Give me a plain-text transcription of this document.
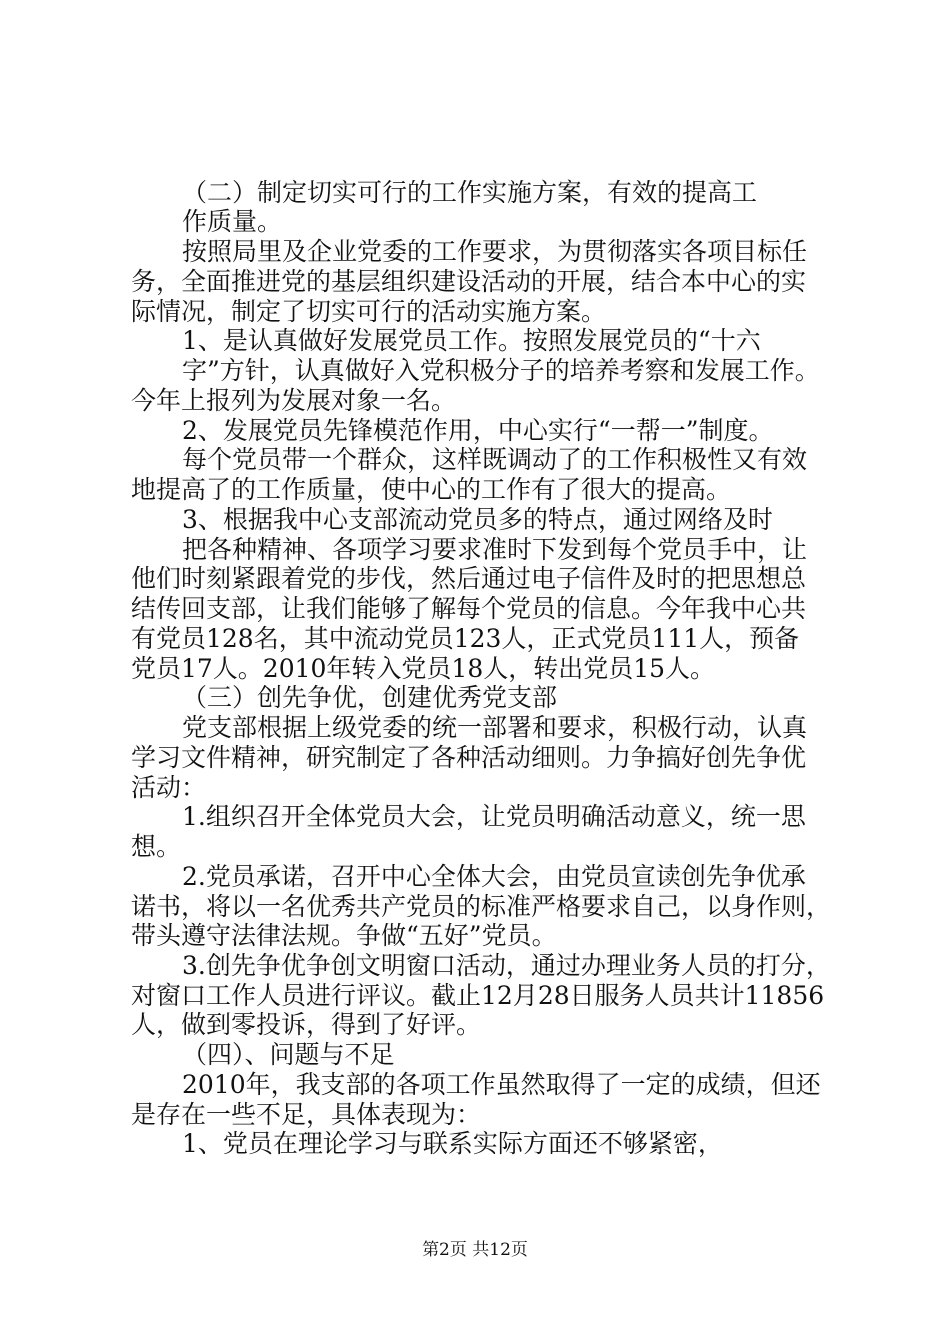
（二）制定切实可行的工作实施方案，有效的提高工
作质量。
按照局里及企业党委的工作要求，为贯彻落实各项目标任
务，全面推进党的基层组织建设活动的开展，结合本中心的实
际情况，制定了切实可行的活动实施方案。
1、是认真做好发展党员工作。按照发展党员的“十六
字”方针，认真做好入党积极分子的培养考察和发展工作。
今年上报列为发展对象一名。
2、发展党员先锋模范作用，中心实行“一帮一”制度。
每个党员带一个群众，这样既调动了的工作积极性又有效
地提高了的工作质量，使中心的工作有了很大的提高。
3、根据我中心支部流动党员多的特点，通过网络及时
把各种精神、各项学习要求准时下发到每个党员手中，让
他们时刻紧跟着党的步伐，然后通过电子信件及时的把思想总
结传回支部，让我们能够了解每个党员的信息。今年我中心共
有党员128名，其中流动党员123人，正式党员111人，预备
党员17人。2010年转入党员18人，转出党员15人。
（三）创先争优，创建优秀党支部
党支部根据上级党委的统一部署和要求，积极行动，认真
学习文件精神，研究制定了各种活动细则。力争搞好创先争优
活动：
1.组织召开全体党员大会，让党员明确活动意义，统一思
想。
2.党员承诺，召开中心全体大会，由党员宣读创先争优承
诺书，将以一名优秀共产党员的标准严格要求自己，以身作则，
带头遵守法律法规。争做“五好”党员。
3.创先争优争创文明窗口活动，通过办理业务人员的打分，
对窗口工作人员进行评议。截止12月28日服务人员共计11856
人，做到零投诉，得到了好评。
（四）、问题与不足
2010年，我支部的各项工作虽然取得了一定的成绩，但还
是存在一些不足，具体表现为：
1、党员在理论学习与联系实际方面还不够紧密，
第2页 共12页
